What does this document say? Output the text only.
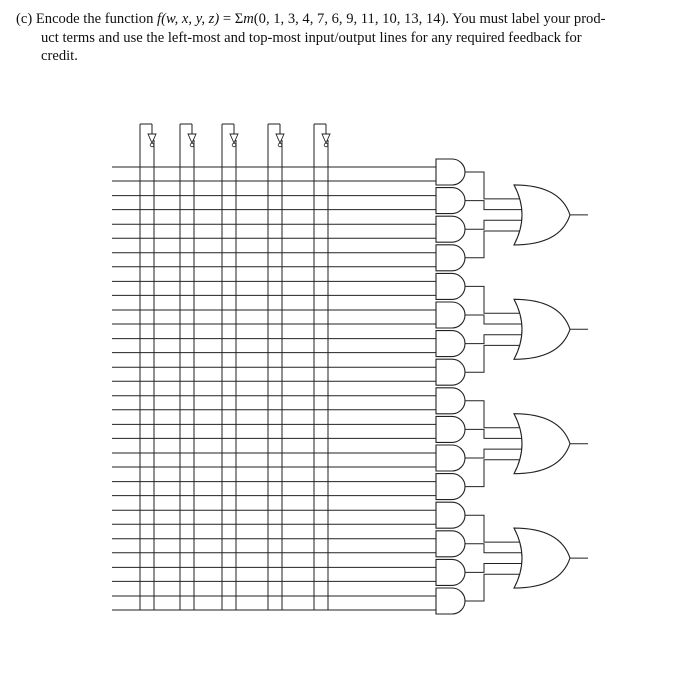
(c) Encode the function f(w, x, y, z) = Σm(0, 1, 3, 4, 7, 6, 9, 11, 10, 13, 14). You must label your prod-
uct terms and use the left-most and top-most input/output lines for any required feedback for
credit.
